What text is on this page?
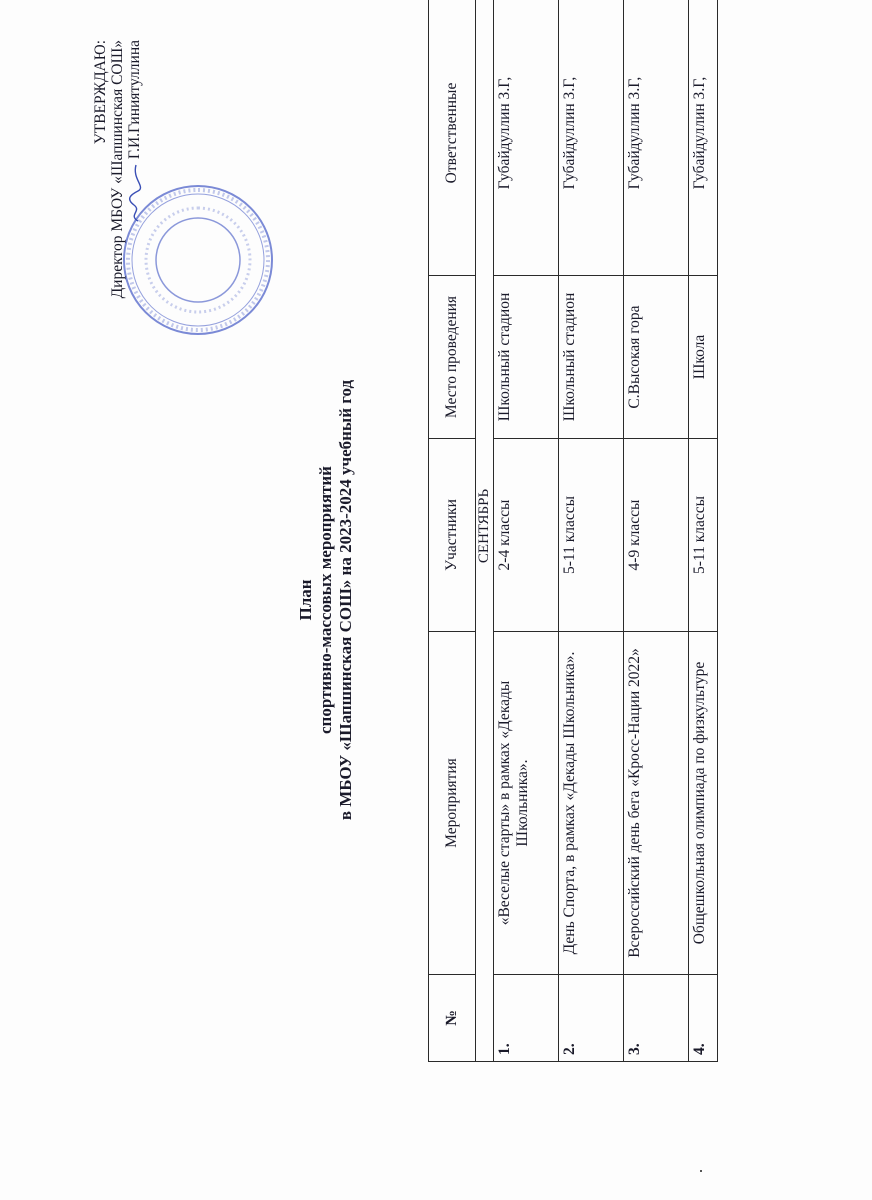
УТВЕРЖДАЮ: Директор МБОУ «Шапшинская СОШ» Г.И.Гиниятуллина
План спортивно-массовых мероприятий в МБОУ «Шапшинская СОШ» на 2023-2024 учебный год
№	Мероприятия	Участники	Место проведения	Ответственные
СЕНТЯБРЬ				
1.	«Веселые старты» в рамках «Декады Школьника».	2-4 классы	Школьный стадион	Губайдуллин З.Г,
2.	День Спорта, в рамках «Декады Школьника».	5-11 классы	Школьный стадион	Губайдуллин З.Г,
3.	Всероссийский день бега «Кросс-Нации 2022»	4-9 классы	С.Высокая гора	Губайдуллин З.Г,
4.	Общешкольная олимпиада по физкультуре	5-11 классы	Школа	Губайдуллин З.Г,
